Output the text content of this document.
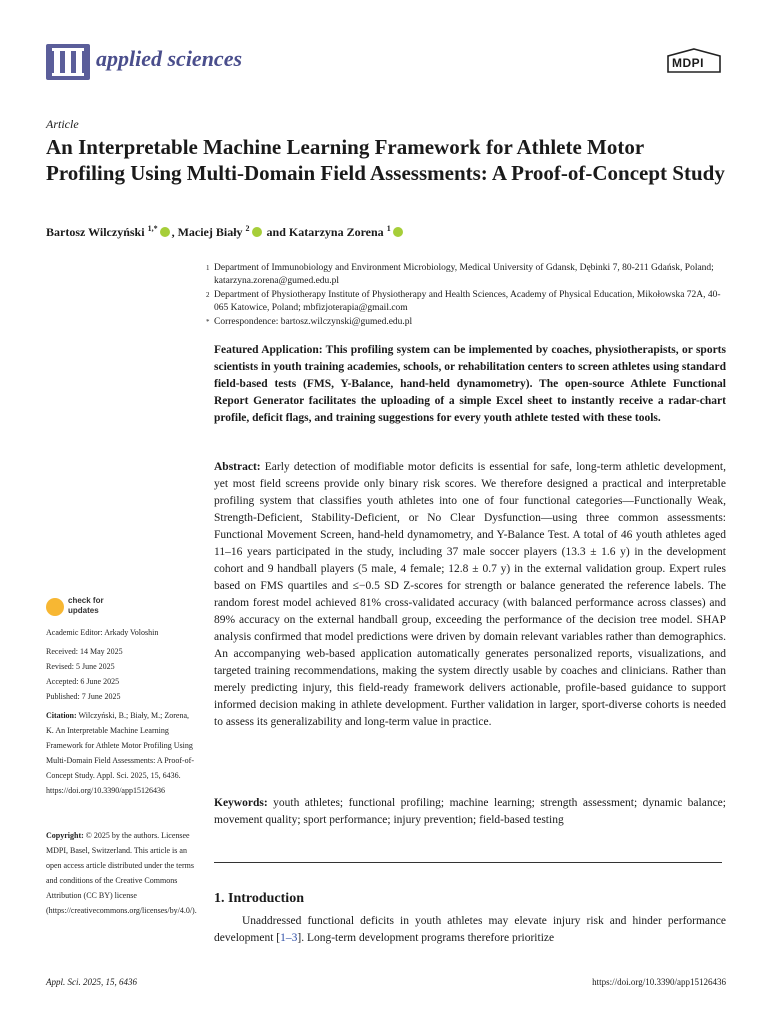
applied sciences	MDPI
Article
An Interpretable Machine Learning Framework for Athlete Motor Profiling Using Multi-Domain Field Assessments: A Proof-of-Concept Study
Bartosz Wilczyński $^{1,*}$ , Maciej Biały $^2$ and Katarzyna Zorena $^1$
1 Department of Immunobiology and Environment Microbiology, Medical University of Gdansk, Dębinki 7, 80-211 Gdańsk, Poland; katarzyna.zorena@gumed.edu.pl
2 Department of Physiotherapy Institute of Physiotherapy and Health Sciences, Academy of Physical Education, Mikołowska 72A, 40-065 Katowice, Poland; mbfizjoterapia@gmail.com
* Correspondence: bartosz.wilczynski@gumed.edu.pl
Featured Application: This profiling system can be implemented by coaches, physiotherapists, or sports scientists in youth training academies, schools, or rehabilitation centers to screen athletes using standard field-based tests (FMS, Y-Balance, hand-held dynamometry). The open-source Athlete Functional Report Generator facilitates the uploading of a simple Excel sheet to instantly receive a radar-chart profile, deficit flags, and training suggestions for every youth athlete tested with these tools.
Abstract: Early detection of modifiable motor deficits is essential for safe, long-term athletic development, yet most field screens provide only binary risk scores. We therefore designed a practical and interpretable profiling system that classifies youth athletes into one of four functional categories—Functionally Weak, Strength-Deficient, Stability-Deficient, or No Clear Dysfunction—using three common assessments: Functional Movement Screen, hand-held dynamometry, and Y-Balance Test. A total of 46 youth athletes aged 11–16 years participated in the study, including 37 male soccer players (13.3 ± 1.6 y) in the development cohort and 9 handball players (5 male, 4 female; 12.8 ± 0.7 y) in the external validation group. Expert rules based on FMS quartiles and ≤−0.5 SD Z-scores for strength or balance generated the reference labels. The random forest model achieved 81% cross-validated accuracy (with balanced performance across classes) and 89% accuracy on the external handball group, exceeding the performance of the decision tree model. SHAP analysis confirmed that model predictions were driven by domain relevant variables rather than demographics. An accompanying web-based application automatically generates personalized reports, visualizations, and targeted training recommendations, making the system directly usable by coaches and clinicians. Rather than merely predicting injury, this field-ready framework delivers actionable, profile-based guidance to support informed decision making in athlete development. Further validation in larger, sport-diverse cohorts is needed to assess its generalizability and long-term value in practice.
Keywords: youth athletes; functional profiling; machine learning; strength assessment; dynamic balance; movement quality; sport performance; injury prevention; field-based testing
1. Introduction
Unaddressed functional deficits in youth athletes may elevate injury risk and hinder performance development [1–3]. Long-term development programs therefore prioritize
check for
updates
Academic Editor: Arkady Voloshin
Received: 14 May 2025
Revised: 5 June 2025
Accepted: 6 June 2025
Published: 7 June 2025
Citation: Wilczyński, B.; Biały, M.; Zorena, K. An Interpretable Machine Learning Framework for Athlete Motor Profiling Using Multi-Domain Field Assessments: A Proof-of-Concept Study. Appl. Sci. 2025, 15, 6436. https://doi.org/10.3390/app15126436
Copyright: © 2025 by the authors. Licensee MDPI, Basel, Switzerland. This article is an open access article distributed under the terms and conditions of the Creative Commons Attribution (CC BY) license (https://creativecommons.org/licenses/by/4.0/).
Appl. Sci. 2025, 15, 6436	https://doi.org/10.3390/app15126436
